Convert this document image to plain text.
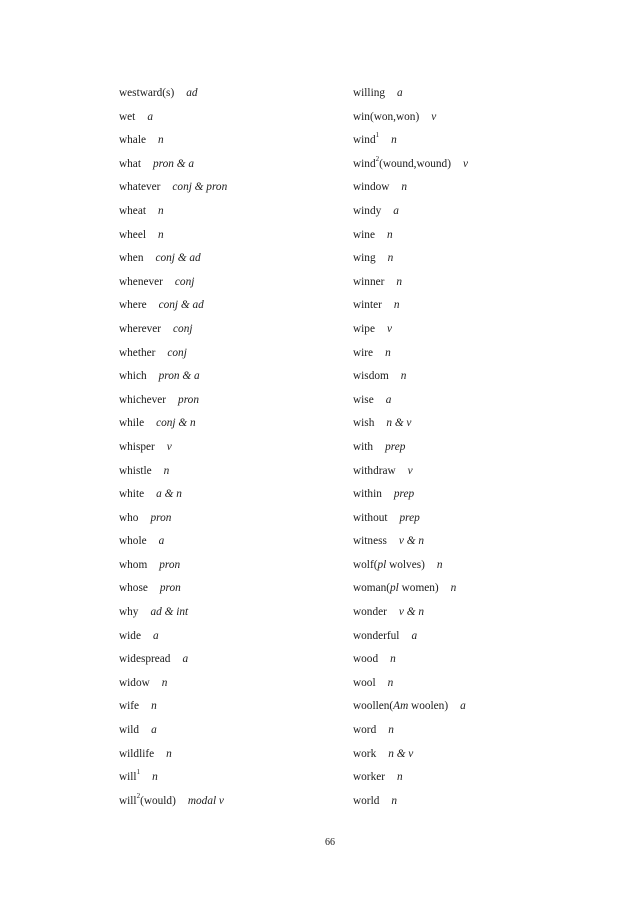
westward(s) ad
wet a
whale n
what pron & a
whatever conj & pron
wheat n
wheel n
when conj & ad
whenever conj
where conj & ad
wherever conj
whether conj
which pron & a
whichever pron
while conj & n
whisper v
whistle n
white a & n
who pron
whole a
whom pron
whose pron
why ad & int
wide a
widespread a
widow n
wife n
wild a
wildlife n
will$^1$ n
will$^2$(would) modal v
willing a
win(won,won) v
wind$^1$ n
wind$^2$(wound,wound) v
window n
windy a
wine n
wing n
winner n
winter n
wipe v
wire n
wisdom n
wise a
wish n & v
with prep
withdraw v
within prep
without prep
witness v & n
wolf(pl wolves) n
woman(pl women) n
wonder v & n
wonderful a
wood n
wool n
woollen(Am woolen) a
word n
work n & v
worker n
world n
66
